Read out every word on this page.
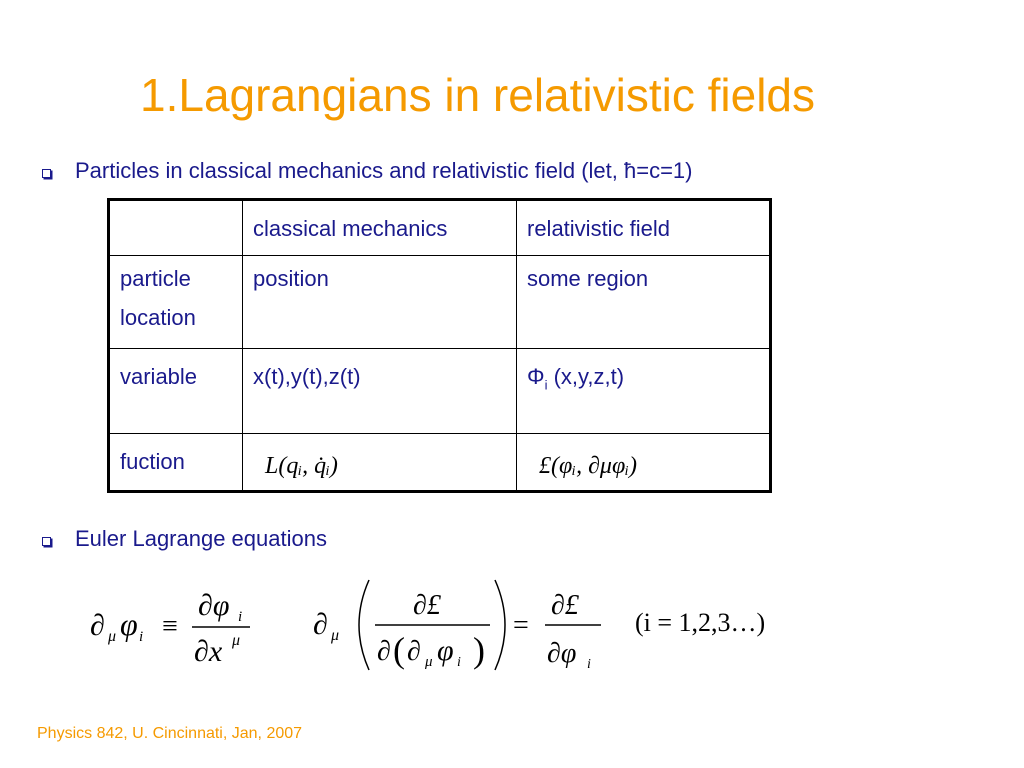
1.Lagrangians in relativistic fields
Particles in classical mechanics and relativistic field (let, ħ=c=1)
	classical mechanics	relativistic field

particle
location	position	some region
variable	x(t),y(t),z(t)	$\Phi_i$ (x,y,z,t)
fuction	L(qᵢ, q̇ᵢ)	£(φᵢ, ∂μφᵢ)
Euler Lagrange equations
∂ μ φ i ≡
∂φ i
∂x μ ∂ μ
∂£
∂ ( ∂ μ φ i )
=
∂£
∂φ i
(i = 1,2,3…)
Physics 842, U. Cincinnati, Jan, 2007
